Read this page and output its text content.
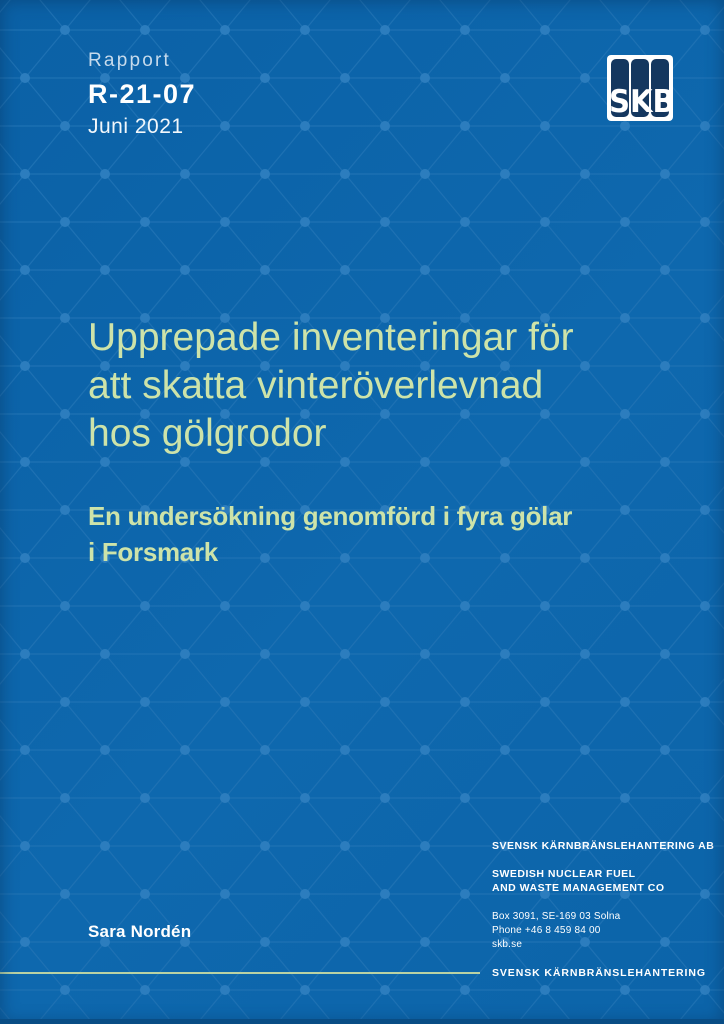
Rapport
R-21-07
Juni 2021
SKB
Upprepade inventeringar för
att skatta vinteröverlevnad
hos gölgrodor
En undersökning genomförd i fyra gölar
i Forsmark
Sara Nordén
SVENSK KÄRNBRÄNSLEHANTERING AB
SWEDISH NUCLEAR FUEL
AND WASTE MANAGEMENT CO
Box 3091, SE-169 03 Solna
Phone +46 8 459 84 00
skb.se
SVENSK KÄRNBRÄNSLEHANTERING
